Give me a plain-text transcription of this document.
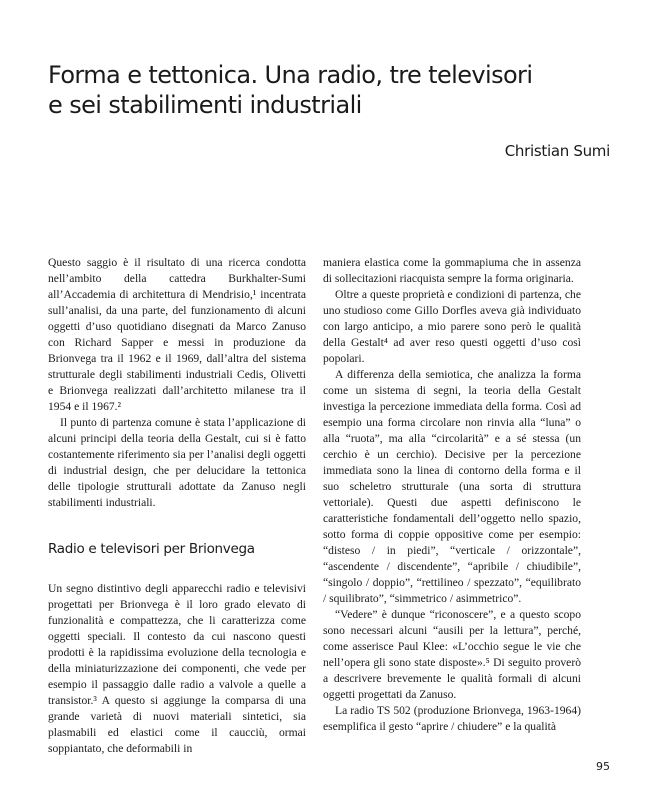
Forma e tettonica. Una radio, tre televisori
e sei stabilimenti industriali
Christian Sumi

Questo saggio è il risultato di una ricerca condotta nell’ambito della cattedra Burkhalter-Sumi all’Accademia di architettura di Mendrisio,¹ incentrata sull’analisi, da una parte, del funzionamento di alcuni oggetti d’uso quotidiano disegnati da Marco Zanuso con Richard Sapper e messi in produzione da Brionvega tra il 1962 e il 1969, dall’altra del sistema strutturale degli stabilimenti industriali Cedis, Olivetti e Brionvega realizzati dall’architetto milanese tra il 1954 e il 1967.²

Il punto di partenza comune è stata l’applicazione di alcuni principi della teoria della Gestalt, cui si è fatto costantemente riferimento sia per l’analisi degli oggetti di industrial design, che per delucidare la tettonica delle tipologie strutturali adottate da Zanuso negli stabilimenti industriali.

Radio e televisori per Brionvega

Un segno distintivo degli apparecchi radio e televisivi progettati per Brionvega è il loro grado elevato di funzionalità e compattezza, che li caratterizza come oggetti speciali. Il contesto da cui nascono questi prodotti è la rapidissima evoluzione della tecnologia e della miniaturizzazione dei componenti, che vede per esempio il passaggio dalle radio a valvole a quelle a transistor.³ A questo si aggiunge la comparsa di una grande varietà di nuovi materiali sintetici, sia plasmabili ed elastici come il caucciù, ormai soppiantato, che deformabili in

maniera elastica come la gommapiuma che in assenza di sollecitazioni riacquista sempre la forma originaria.

Oltre a queste proprietà e condizioni di partenza, che uno studioso come Gillo Dorfles aveva già individuato con largo anticipo, a mio parere sono però le qualità della Gestalt⁴ ad aver reso questi oggetti d’uso così popolari.

A differenza della semiotica, che analizza la forma come un sistema di segni, la teoria della Gestalt investiga la percezione immediata della forma. Così ad esempio una forma circolare non rinvia alla “luna” o alla “ruota”, ma alla “circolarità” e a sé stessa (un cerchio è un cerchio). Decisive per la percezione immediata sono la linea di contorno della forma e il suo scheletro strutturale (una sorta di struttura vettoriale). Questi due aspetti definiscono le caratteristiche fondamentali dell’oggetto nello spazio, sotto forma di coppie oppositive come per esempio: “disteso / in piedi”, “verticale / orizzontale”, “ascendente / discendente”, “apribile / chiudibile”, “singolo / doppio”, “rettilineo / spezzato”, “equilibrato / squilibrato”, “simmetrico / asimmetrico”.

“Vedere” è dunque “riconoscere”, e a questo scopo sono necessari alcuni “ausili per la lettura”, perché, come asserisce Paul Klee: «L’occhio segue le vie che nell’opera gli sono state disposte».⁵ Di seguito proverò a descrivere brevemente le qualità formali di alcuni oggetti progettati da Zanuso.

La radio TS 502 (produzione Brionvega, 1963-1964) esemplifica il gesto “aprire / chiudere” e la qualità

95
